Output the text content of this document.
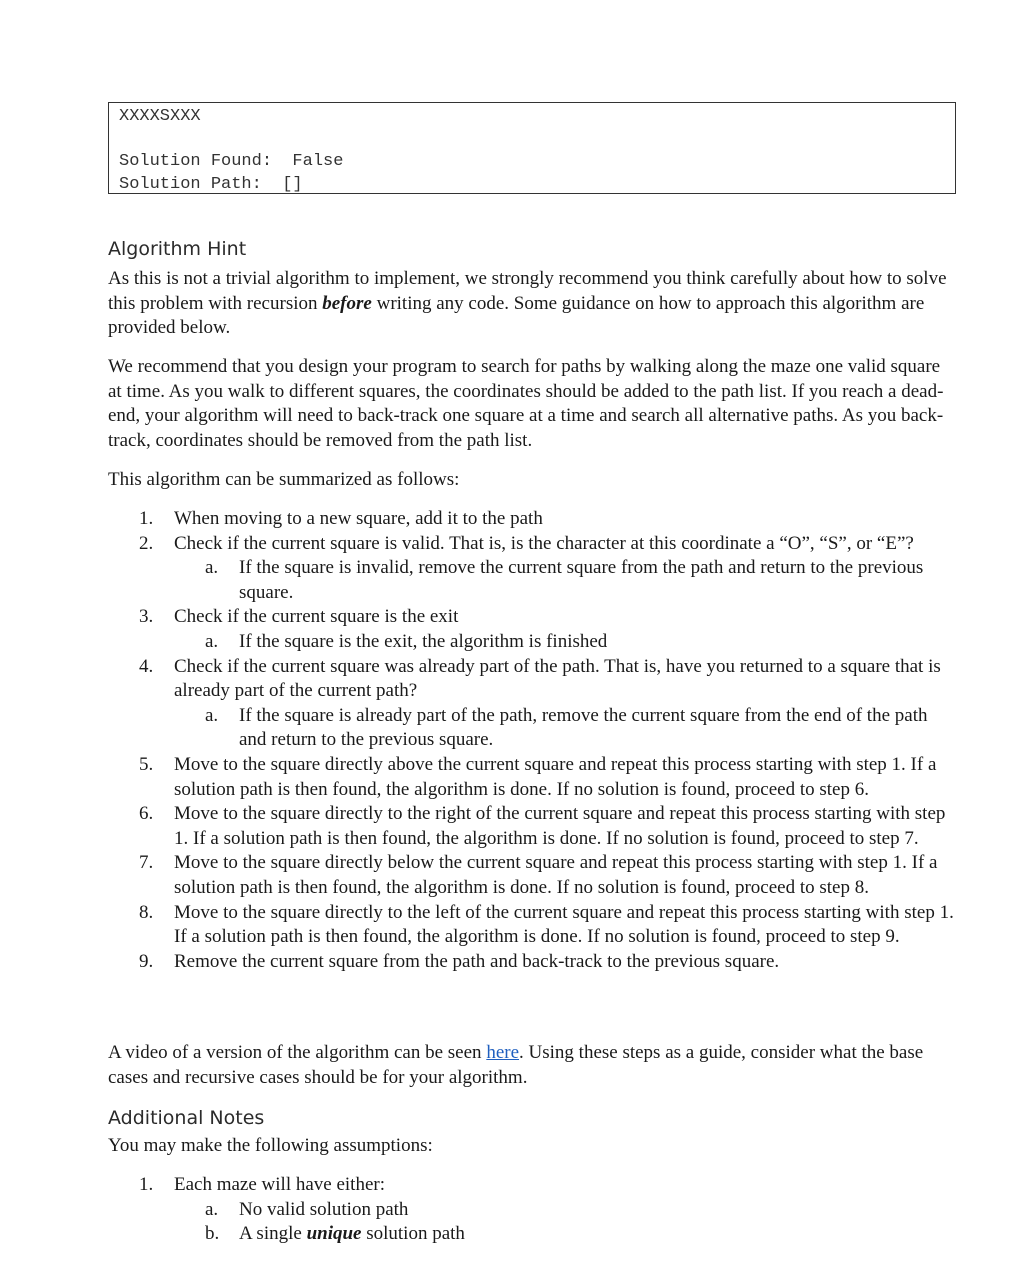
XXXXSXXX
Solution Found:  False
Solution Path:  []
Algorithm Hint
As this is not a trivial algorithm to implement, we strongly recommend you think carefully about how to solve this problem with recursion before writing any code. Some guidance on how to approach this algorithm are provided below.
We recommend that you design your program to search for paths by walking along the maze one valid square at time. As you walk to different squares, the coordinates should be added to the path list. If you reach a dead-end, your algorithm will need to back-track one square at a time and search all alternative paths. As you back-track, coordinates should be removed from the path list.
This algorithm can be summarized as follows:
1. When moving to a new square, add it to the path
2. Check if the current square is valid. That is, is the character at this coordinate a “O”, “S”, or “E”?
a. If the square is invalid, remove the current square from the path and return to the previous square.
3. Check if the current square is the exit
a. If the square is the exit, the algorithm is finished
4. Check if the current square was already part of the path. That is, have you returned to a square that is already part of the current path?
a. If the square is already part of the path, remove the current square from the end of the path and return to the previous square.
5. Move to the square directly above the current square and repeat this process starting with step 1. If a solution path is then found, the algorithm is done. If no solution is found, proceed to step 6.
6. Move to the square directly to the right of the current square and repeat this process starting with step 1. If a solution path is then found, the algorithm is done. If no solution is found, proceed to step 7.
7. Move to the square directly below the current square and repeat this process starting with step 1. If a solution path is then found, the algorithm is done. If no solution is found, proceed to step 8.
8. Move to the square directly to the left of the current square and repeat this process starting with step 1. If a solution path is then found, the algorithm is done. If no solution is found, proceed to step 9.
9. Remove the current square from the path and back-track to the previous square.
A video of a version of the algorithm can be seen here. Using these steps as a guide, consider what the base cases and recursive cases should be for your algorithm.
Additional Notes
You may make the following assumptions:
1. Each maze will have either:
a. No valid solution path
b. A single unique solution path
